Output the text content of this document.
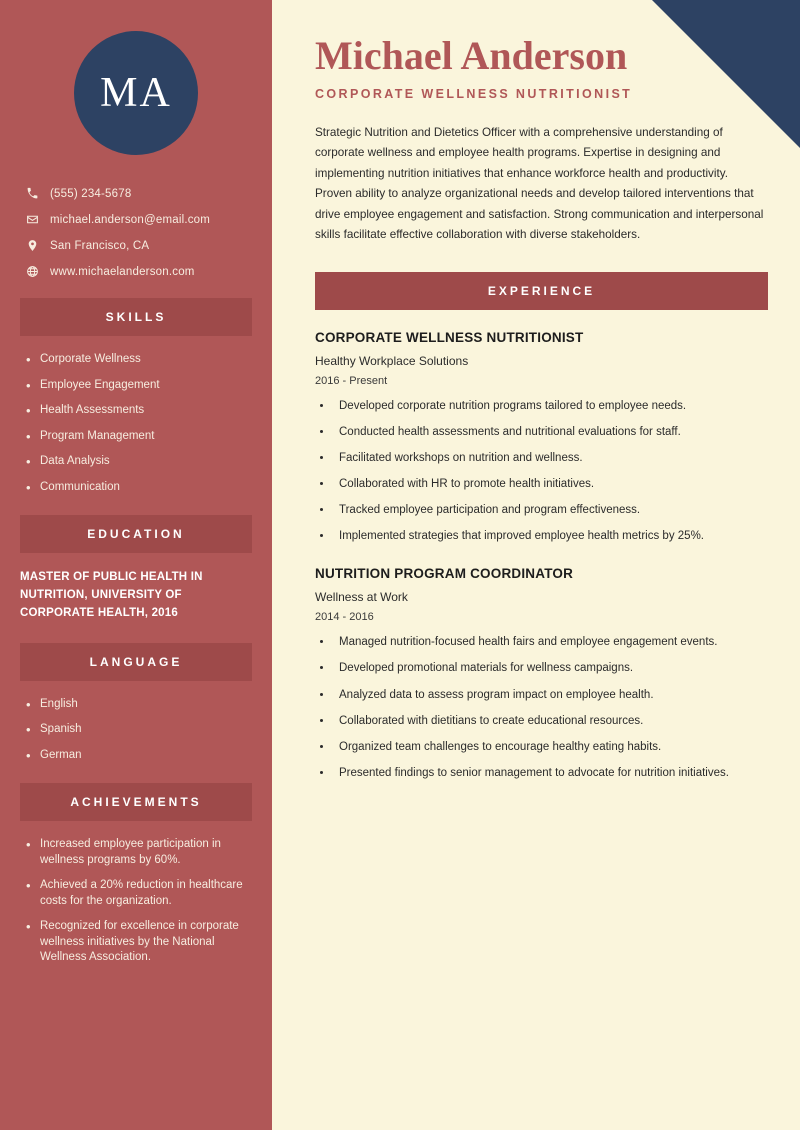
MA
(555) 234-5678
michael.anderson@email.com
San Francisco, CA
www.michaelanderson.com
SKILLS
• Corporate Wellness
• Employee Engagement
• Health Assessments
• Program Management
• Data Analysis
• Communication
EDUCATION
MASTER OF PUBLIC HEALTH IN NUTRITION, UNIVERSITY OF CORPORATE HEALTH, 2016
LANGUAGE
• English
• Spanish
• German
ACHIEVEMENTS
• Increased employee participation in wellness programs by 60%.
• Achieved a 20% reduction in healthcare costs for the organization.
• Recognized for excellence in corporate wellness initiatives by the National Wellness Association.
Michael Anderson
CORPORATE WELLNESS NUTRITIONIST
Strategic Nutrition and Dietetics Officer with a comprehensive understanding of corporate wellness and employee health programs. Expertise in designing and implementing nutrition initiatives that enhance workforce health and productivity. Proven ability to analyze organizational needs and develop tailored interventions that drive employee engagement and satisfaction. Strong communication and interpersonal skills facilitate effective collaboration with diverse stakeholders.
EXPERIENCE
CORPORATE WELLNESS NUTRITIONIST
Healthy Workplace Solutions
2016 - Present
• Developed corporate nutrition programs tailored to employee needs.
• Conducted health assessments and nutritional evaluations for staff.
• Facilitated workshops on nutrition and wellness.
• Collaborated with HR to promote health initiatives.
• Tracked employee participation and program effectiveness.
• Implemented strategies that improved employee health metrics by 25%.
NUTRITION PROGRAM COORDINATOR
Wellness at Work
2014 - 2016
• Managed nutrition-focused health fairs and employee engagement events.
• Developed promotional materials for wellness campaigns.
• Analyzed data to assess program impact on employee health.
• Collaborated with dietitians to create educational resources.
• Organized team challenges to encourage healthy eating habits.
• Presented findings to senior management to advocate for nutrition initiatives.
